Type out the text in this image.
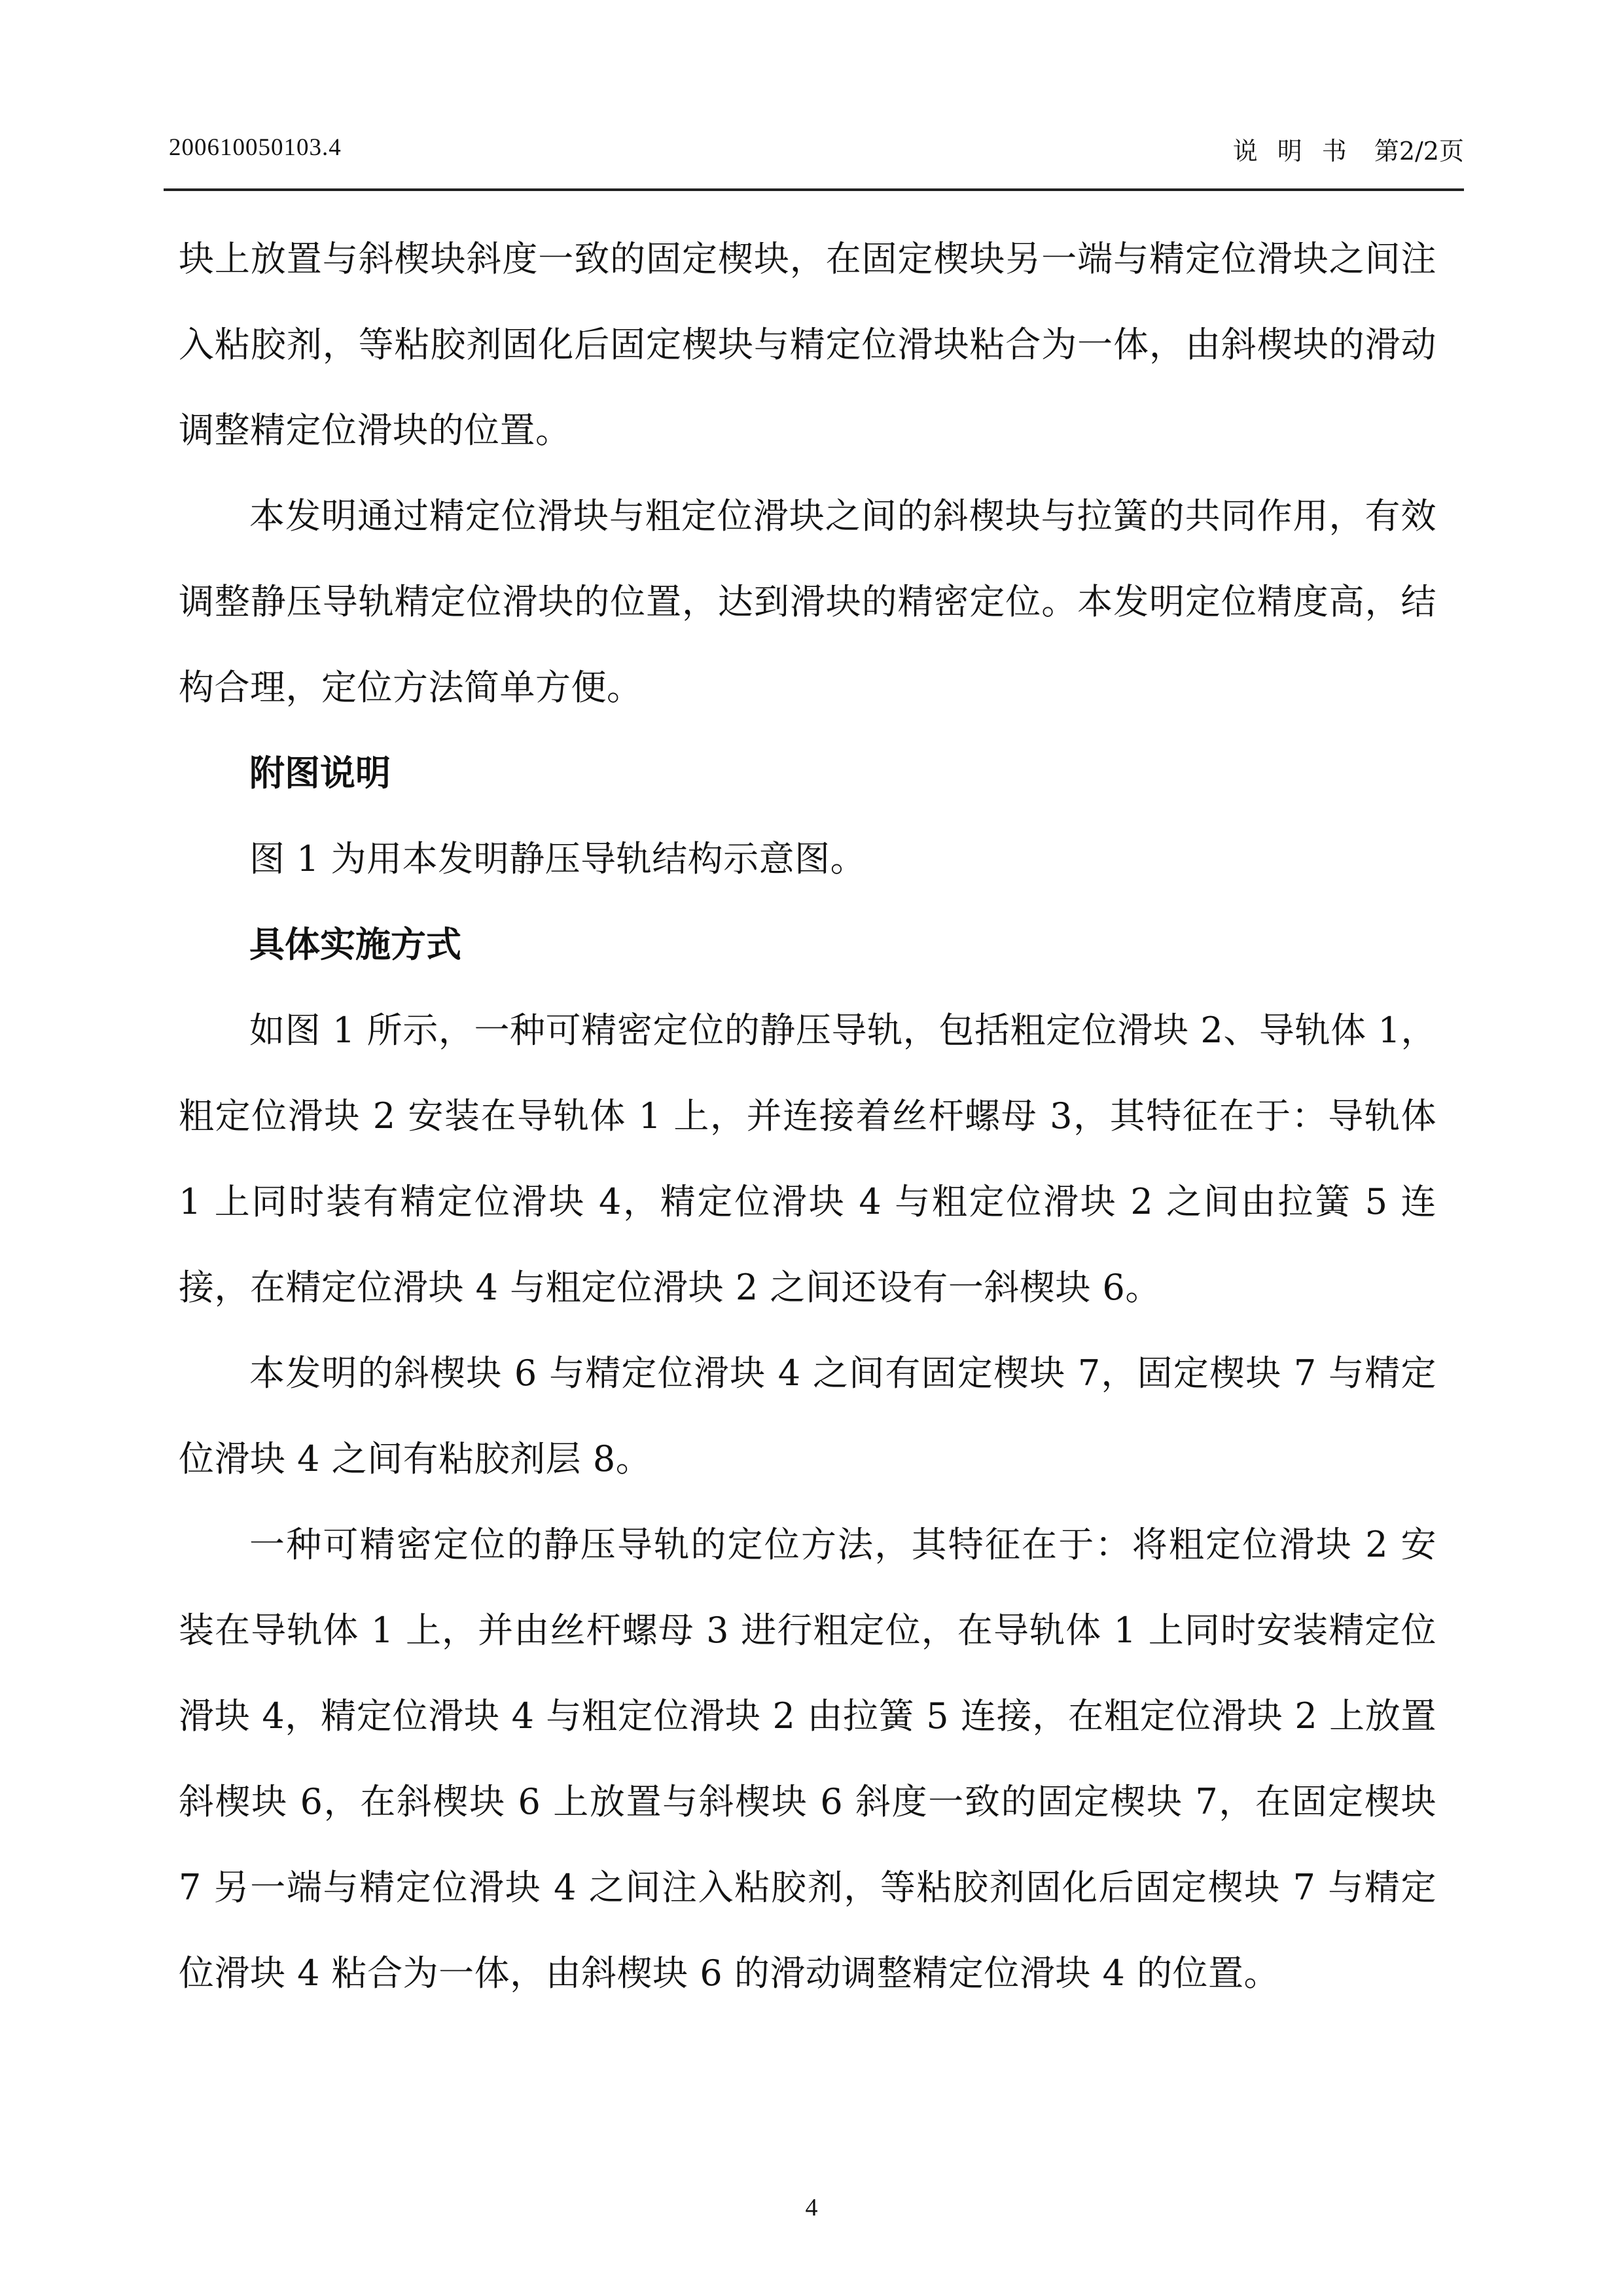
200610050103.4	说明书 第2/2页

块上放置与斜楔块斜度一致的固定楔块，在固定楔块另一端与精定位滑块之间注入粘胶剂，等粘胶剂固化后固定楔块与精定位滑块粘合为一体，由斜楔块的滑动调整精定位滑块的位置。

本发明通过精定位滑块与粗定位滑块之间的斜楔块与拉簧的共同作用，有效调整静压导轨精定位滑块的位置，达到滑块的精密定位。本发明定位精度高，结构合理，定位方法简单方便。

附图说明

图 1 为用本发明静压导轨结构示意图。

具体实施方式

如图 1 所示，一种可精密定位的静压导轨，包括粗定位滑块 2、导轨体 1，粗定位滑块 2 安装在导轨体 1 上，并连接着丝杆螺母 3，其特征在于：导轨体 1 上同时装有精定位滑块 4，精定位滑块 4 与粗定位滑块 2 之间由拉簧 5 连接，在精定位滑块 4 与粗定位滑块 2 之间还设有一斜楔块 6。

本发明的斜楔块 6 与精定位滑块 4 之间有固定楔块 7，固定楔块 7 与精定位滑块 4 之间有粘胶剂层 8。

一种可精密定位的静压导轨的定位方法，其特征在于：将粗定位滑块 2 安装在导轨体 1 上，并由丝杆螺母 3 进行粗定位，在导轨体 1 上同时安装精定位滑块 4，精定位滑块 4 与粗定位滑块 2 由拉簧 5 连接，在粗定位滑块 2 上放置斜楔块 6，在斜楔块 6 上放置与斜楔块 6 斜度一致的固定楔块 7，在固定楔块 7 另一端与精定位滑块 4 之间注入粘胶剂，等粘胶剂固化后固定楔块 7 与精定位滑块 4 粘合为一体，由斜楔块 6 的滑动调整精定位滑块 4 的位置。

4
